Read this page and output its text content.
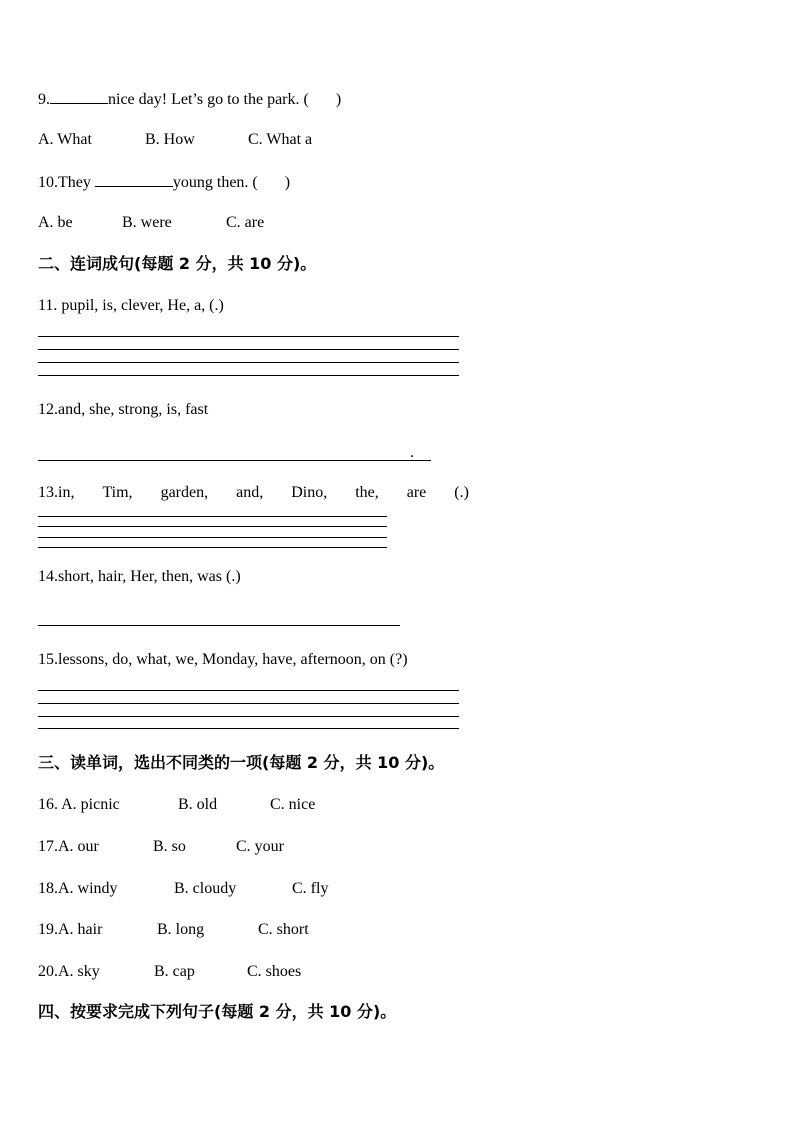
9.	nice day! Let’s go to the park. ( )
A. What	B. How	C. What a
10.They	young then. ( )
A. be	B. were	C. are
二、连词成句(每题 2 分，共 10 分)。
11. pupil, is, clever, He, a, (.)
12.and, she, strong, is, fast
.
13.in, Tim, garden, and, Dino, the, are (.)
14.short, hair, Her, then, was (.)
15.lessons, do, what, we, Monday, have, afternoon, on (?)
三、读单词，选出不同类的一项(每题 2 分，共 10 分)。
16. A. picnic	B. old	C. nice
17.A. our	B. so	C. your
18.A. windy	B. cloudy	C. fly
19.A. hair	B. long	C. short
20.A. sky	B. cap	C. shoes
四、按要求完成下列句子(每题 2 分，共 10 分)。
